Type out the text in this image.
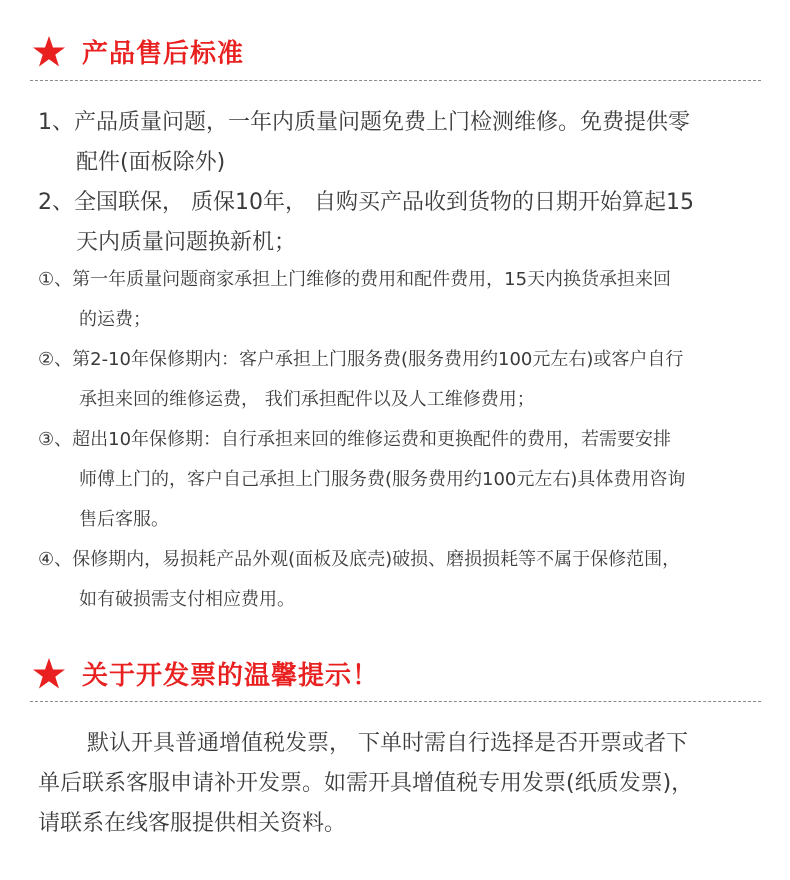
产品售后标准
1、产品质量问题，一年内质量问题免费上门检测维修。免费提供零
配件(面板除外)
2、全国联保， 质保10年， 自购买产品收到货物的日期开始算起15
天内质量问题换新机；
①、第一年质量问题商家承担上门维修的费用和配件费用，15天内换货承担来回
的运费；
②、第2-10年保修期内：客户承担上门服务费(服务费用约100元左右)或客户自行
承担来回的维修运费， 我们承担配件以及人工维修费用；
③、超出10年保修期：自行承担来回的维修运费和更换配件的费用，若需要安排
师傅上门的，客户自己承担上门服务费(服务费用约100元左右)具体费用咨询
售后客服。
④、保修期内，易损耗产品外观(面板及底壳)破损、磨损损耗等不属于保修范围，
如有破损需支付相应费用。
关于开发票的温馨提示！
默认开具普通增值税发票， 下单时需自行选择是否开票或者下
单后联系客服申请补开发票。如需开具增值税专用发票(纸质发票)，
请联系在线客服提供相关资料。
